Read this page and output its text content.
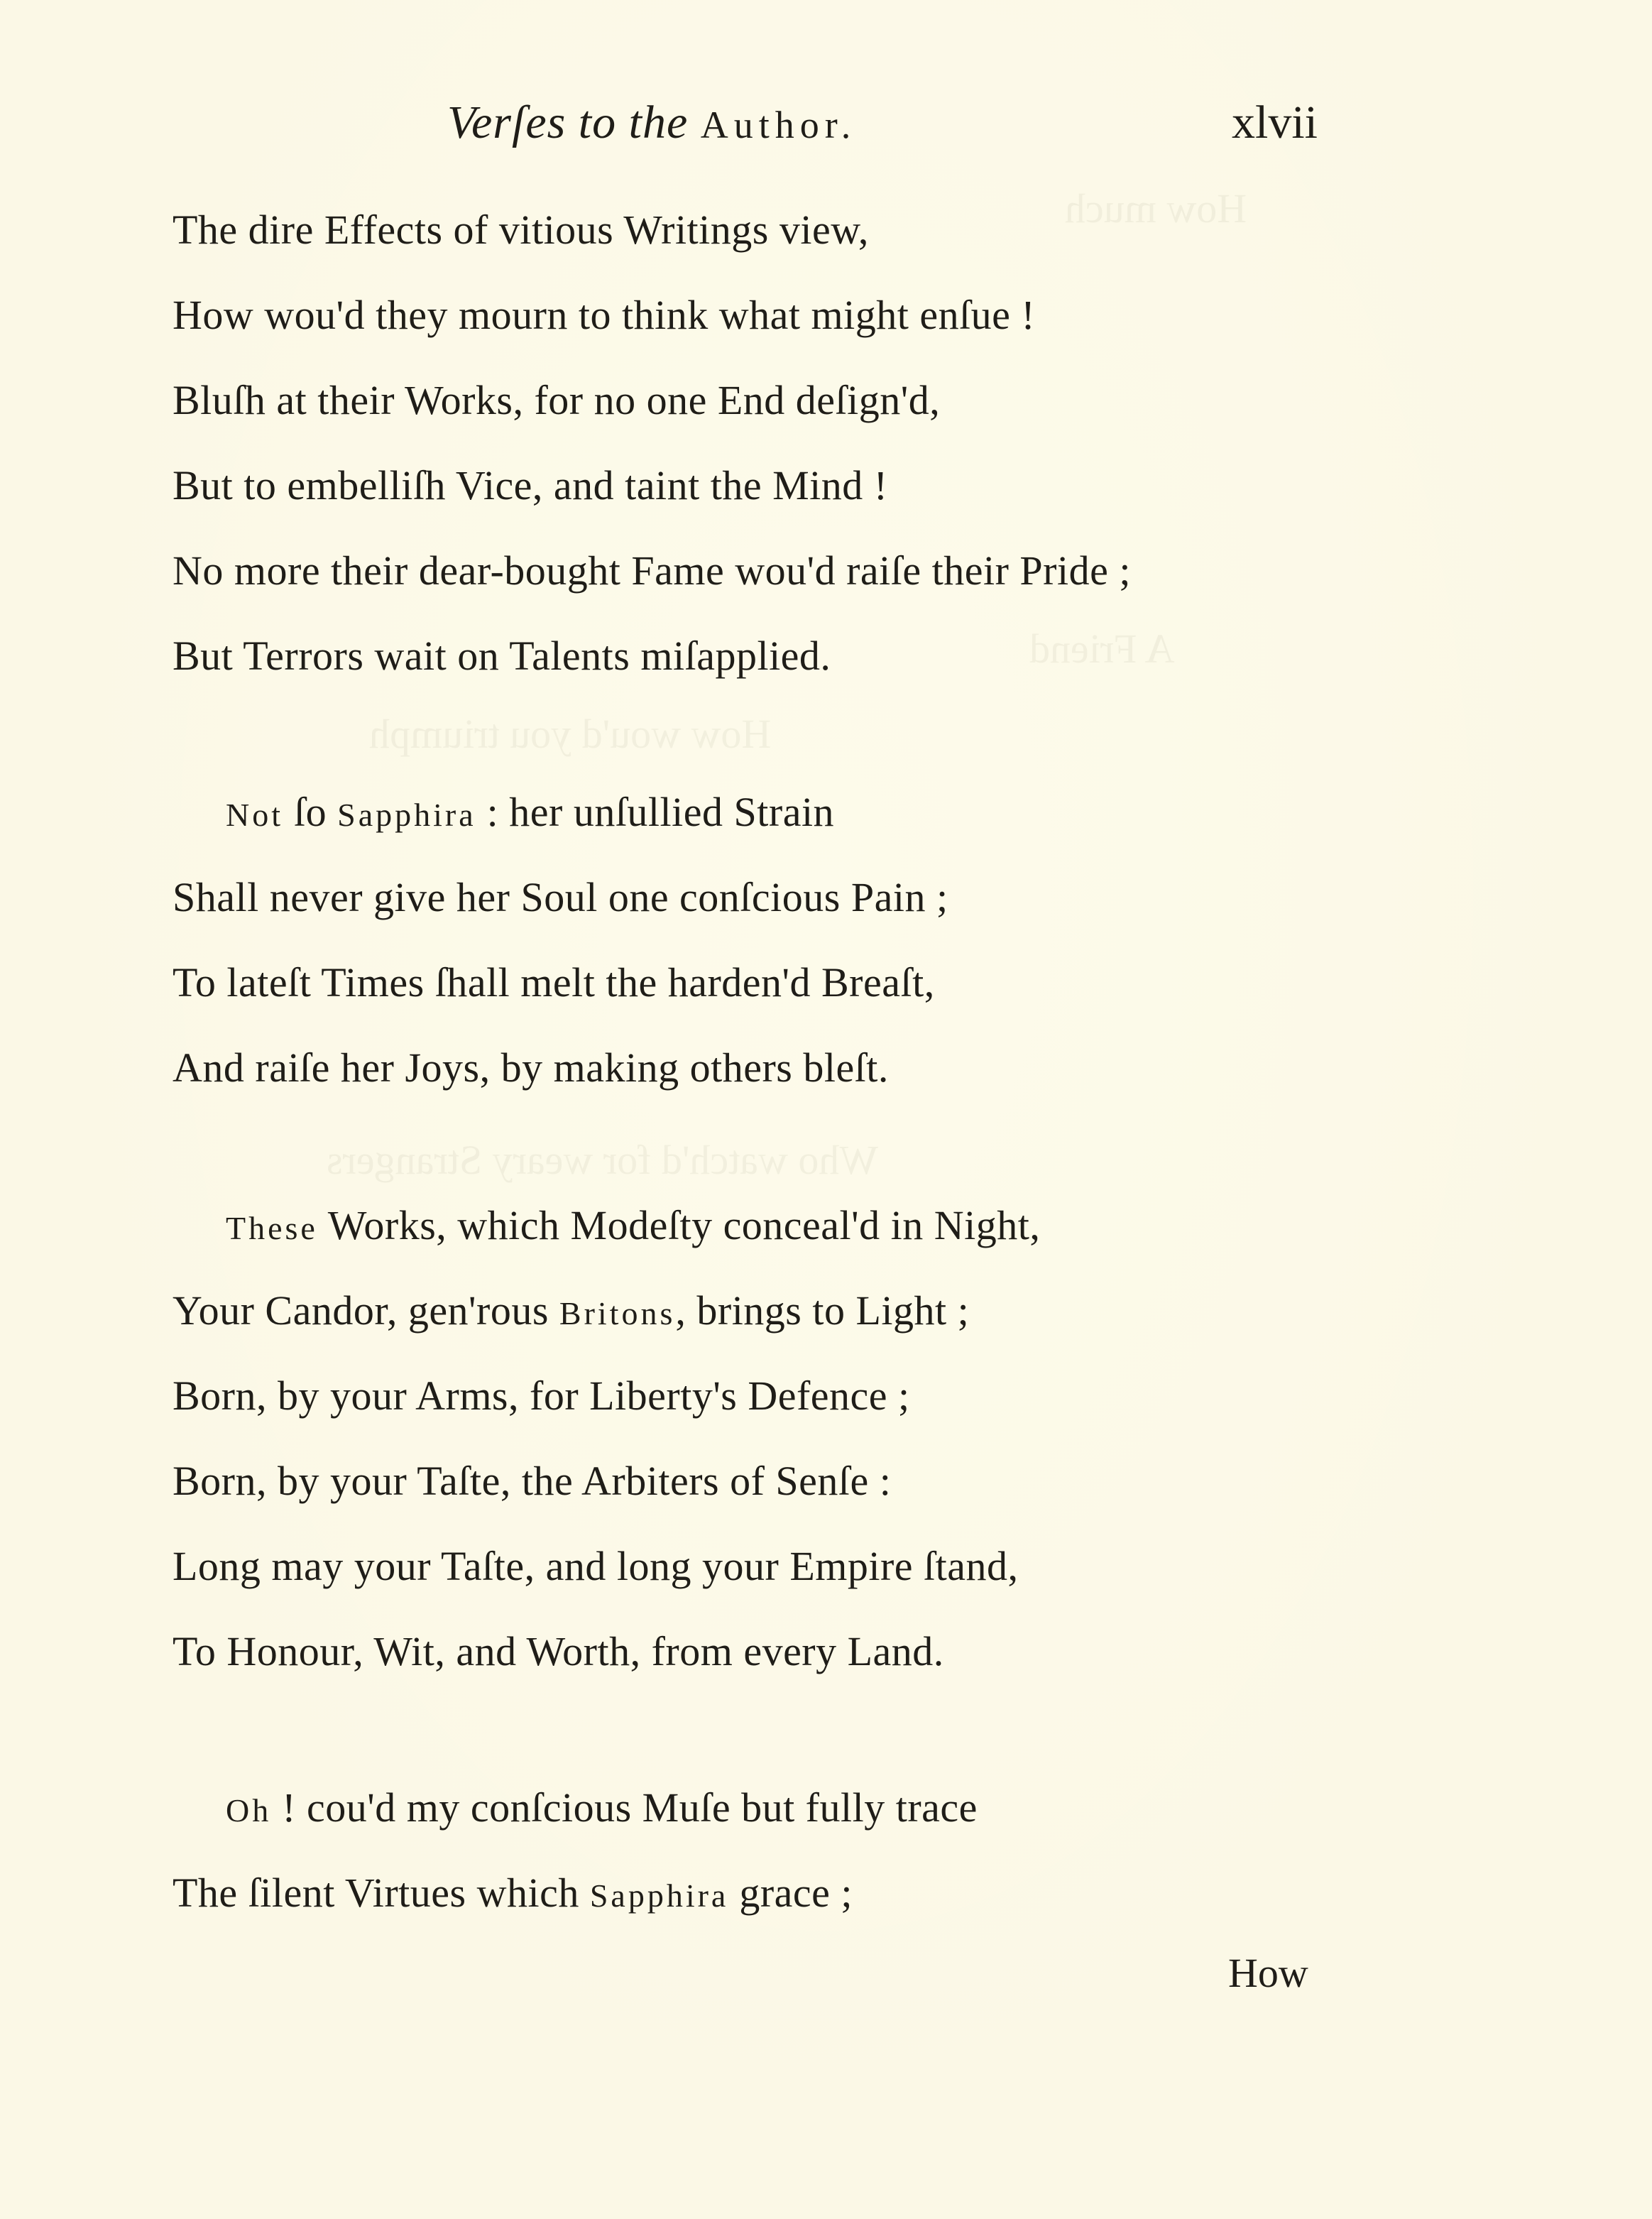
How much
A Friend
How wou'd you triumph
Who watch'd for weary Strangers
Verſes to the Author.	xlvii
The dire Effects of vitious Writings view,
How wou'd they mourn to think what might enſue !
Bluſh at their Works, for no one End deſign'd,
But to embelliſh Vice, and taint the Mind !
No more their dear-bought Fame wou'd raiſe their Pride ;
But Terrors wait on Talents miſapplied.
Not ſo Sapphira : her unſullied Strain
Shall never give her Soul one conſcious Pain ;
To lateſt Times ſhall melt the harden'd Breaſt,
And raiſe her Joys, by making others bleſt.
These Works, which Modeſty conceal'd in Night,
Your Candor, gen'rous Britons, brings to Light ;
Born, by your Arms, for Liberty's Defence ;
Born, by your Taſte, the Arbiters of Senſe :
Long may your Taſte, and long your Empire ſtand,
To Honour, Wit, and Worth, from every Land.
Oh ! cou'd my conſcious Muſe but fully trace
The ſilent Virtues which Sapphira grace ;
How
